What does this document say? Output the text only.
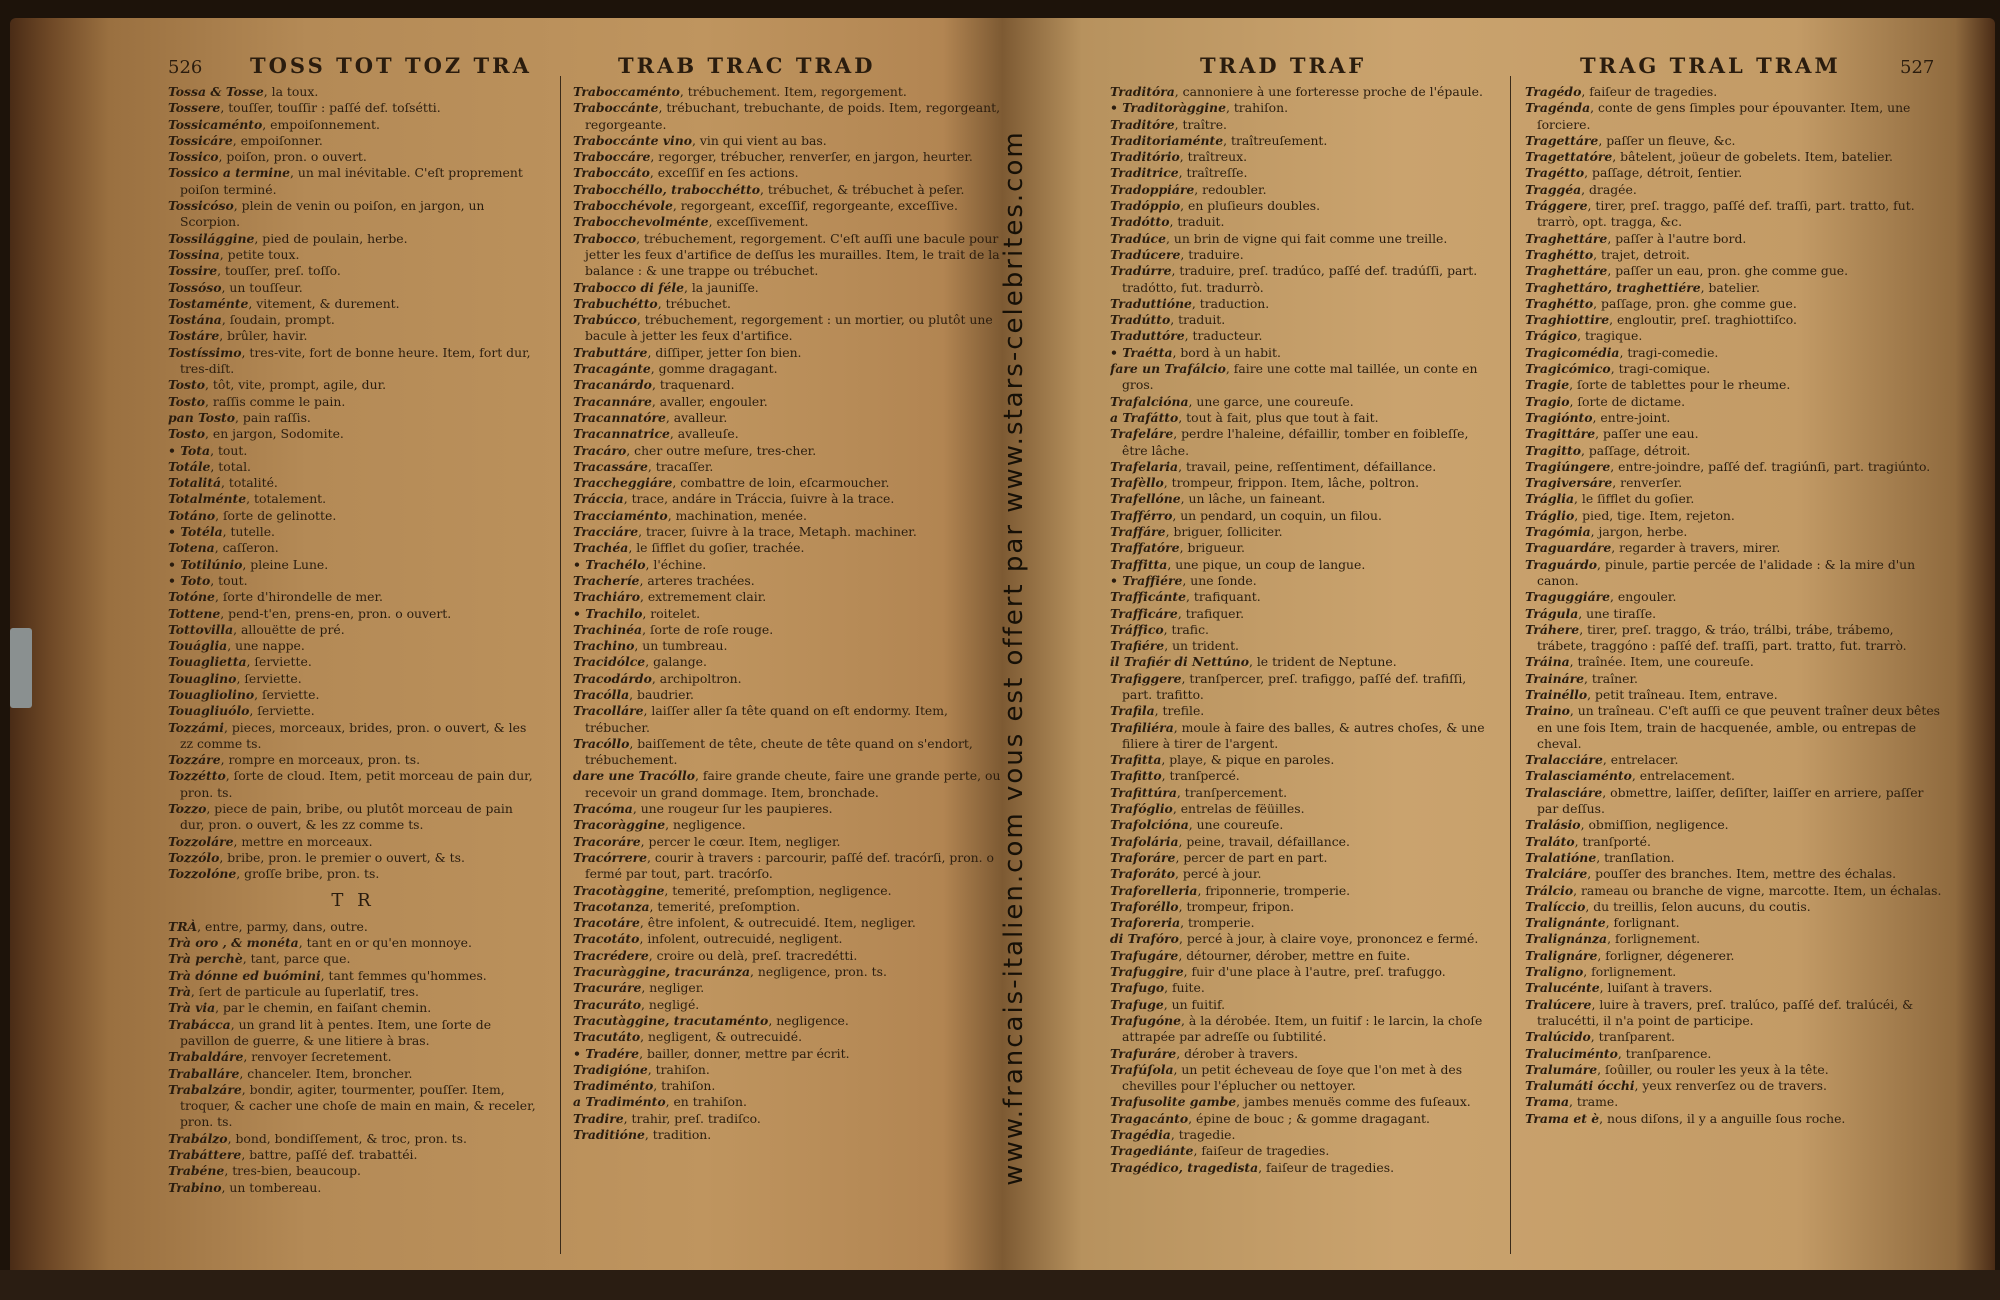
526 TOSS TOT TOZ TRA	TRAB TRAC TRAD

Tossa & Tosse, la toux.

Tossere, touſſer, touſſir : paſſé def. toſsétti.

Tossicaménto, empoiſonnement.

Tossicáre, empoiſonner.

Tossico, poiſon, pron. o ouvert.

Tossico a termine, un mal inévitable. C'eſt proprement poiſon terminé.

Tossicóso, plein de venin ou poiſon, en jargon, un Scorpion.

Tossilággine, pied de poulain, herbe.

Tossina, petite toux.

Tossire, touſſer, preſ. toſſo.

Tossóso, un touſſeur.

Tostaménte, vitement, & durement.

Tostána, ſoudain, prompt.

Tostáre, brûler, havir.

Tostíssimo, tres-vite, fort de bonne heure. Item, fort dur, tres-diſt.

Tosto, tôt, vite, prompt, agile, dur.

Tosto, raſſis comme le pain.

pan Tosto, pain raſſis.

Tosto, en jargon, Sodomite.

• Tota, tout.

Totále, total.

Totalitá, totalité.

Totalménte, totalement.

Totáno, ſorte de gelinotte.

• Totéla, tutelle.

Totena, caſſeron.

• Totilúnio, pleine Lune.

• Toto, tout.

Totóne, ſorte d'hirondelle de mer.

Tottene, pend-t'en, prens-en, pron. o ouvert.

Tottovilla, allouëtte de pré.

Touáglia, une nappe.

Touaglietta, ſerviette.

Touaglino, ſerviette.

Touagliolino, ſerviette.

Touagliuólo, ſerviette.

Tozzámi, pieces, morceaux, brides, pron. o ouvert, & les zz comme ts.

Tozzáre, rompre en morceaux, pron. ts.

Tozzétto, ſorte de cloud. Item, petit morceau de pain dur, pron. ts.

Tozzo, piece de pain, bribe, ou plutôt morceau de pain dur, pron. o ouvert, & les zz comme ts.

Tozzoláre, mettre en morceaux.

Tozzólo, bribe, pron. le premier o ouvert, & ts.

Tozzolóne, groſſe bribe, pron. ts.

T R

TRÀ, entre, parmy, dans, outre.

Trà oro , & monéta, tant en or qu'en monnoye.

Trà perchè, tant, parce que.

Trà dónne ed buómini, tant femmes qu'hommes.

Trà, ſert de particule au ſuperlatif, tres.

Trà via, par le chemin, en faiſant chemin.

Trabácca, un grand lit à pentes. Item, une ſorte de pavillon de guerre, & une litiere à bras.

Trabaldáre, renvoyer ſecretement.

Traballáre, chanceler. Item, broncher.

Trabalzáre, bondir, agiter, tourmenter, pouſſer. Item, troquer, & cacher une choſe de main en main, & receler, pron. ts.

Trabálzo, bond, bondiſſement, & troc, pron. ts.

Trabáttere, battre, paſſé def. trabattéi.

Trabéne, tres-bien, beaucoup.

Trabino, un tombereau.

Traboccaménto, trébuchement. Item, regorgement.

Traboccánte, trébuchant, trebuchante, de poids. Item, regorgeant, regorgeante.

Traboccánte vino, vin qui vient au bas.

Traboccáre, regorger, trébucher, renverſer, en jargon, heurter.

Traboccáto, exceſſif en ſes actions.

Trabocchéllo, trabocchétto, trébuchet, & trébuchet à peſer.

Trabocchévole, regorgeant, exceſſif, regorgeante, exceſſive.

Trabocchevolménte, exceſſivement.

Trabocco, trébuchement, regorgement. C'eſt auſſi une bacule pour jetter les feux d'artifice de deſſus les murailles. Item, le trait de la balance : & une trappe ou trébuchet.

Trabocco di féle, la jauniſſe.

Trabuchétto, trébuchet.

Trabúcco, trébuchement, regorgement : un mortier, ou plutôt une bacule à jetter les feux d'artifice.

Trabuttáre, diſſiper, jetter ſon bien.

Tracagánte, gomme dragagant.

Tracanárdo, traquenard.

Tracannáre, avaller, engouler.

Tracannatóre, avalleur.

Tracannatrice, avalleuſe.

Tracáro, cher outre meſure, tres-cher.

Tracassáre, tracaſſer.

Traccheggiáre, combattre de loin, eſcarmoucher.

Tráccia, trace, andáre in Tráccia, ſuivre à la trace.

Tracciaménto, machination, menée.

Tracciáre, tracer, ſuivre à la trace, Metaph. machiner.

Trachéa, le ſifflet du goſier, trachée.

• Trachélo, l'échine.

Tracheríe, arteres trachées.

Trachiáro, extremement clair.

• Trachilo, roitelet.

Trachinéa, ſorte de roſe rouge.

Trachino, un tumbreau.

Tracidólce, galange.

Tracodárdo, archipoltron.

Tracólla, baudrier.

Tracolláre, laiſſer aller ſa tête quand on eſt endormy. Item, trébucher.

Tracóllo, baiſſement de tête, cheute de tête quand on s'endort, trébuchement.

dare une Tracóllo, faire grande cheute, faire une grande perte, ou recevoir un grand dommage. Item, bronchade.

Tracóma, une rougeur ſur les paupieres.

Tracoràggine, negligence.

Tracoráre, percer le cœur. Item, negliger.

Tracórrere, courir à travers : parcourir, paſſé def. tracórſi, pron. o fermé par tout, part. tracórſo.

Tracotàggine, temerité, preſomption, negligence.

Tracotanza, temerité, preſomption.

Tracotáre, être infolent, & outrecuidé. Item, negliger.

Tracotáto, infolent, outrecuidé, negligent.

Tracrédere, croire ou delà, preſ. tracredétti.

Tracuràggine, tracuránza, negligence, pron. ts.

Tracuráre, negliger.

Tracuráto, negligé.

Tracutàggine, tracutaménto, negligence.

Tracutáto, negligent, & outrecuidé.

• Tradére, bailler, donner, mettre par écrit.

Tradigióne, trahiſon.

Tradiménto, trahiſon.

a Tradiménto, en trahiſon.

Tradire, trahir, preſ. tradiſco.

Traditióne, tradition.

TRAD TRAF	TRAG TRAL TRAM	527

Traditóra, cannoniere à une forteresse proche de l'épaule.

• Traditoràggine, trahiſon.

Traditóre, traître.

Traditoriaménte, traîtreuſement.

Traditório, traîtreux.

Traditrice, traîtreſſe.

Tradoppiáre, redoubler.

Tradóppio, en pluſieurs doubles.

Tradótto, traduit.

Tradúce, un brin de vigne qui fait comme une treille.

Tradúcere, traduire.

Tradúrre, traduire, preſ. tradúco, paſſé def. tradúſſi, part. tradótto, fut. tradurrò.

Traduttióne, traduction.

Tradútto, traduit.

Traduttóre, traducteur.

• Traétta, bord à un habit.

fare un Trafálcio, faire une cotte mal taillée, un conte en gros.

Trafalcióna, une garce, une coureuſe.

a Trafátto, tout à fait, plus que tout à fait.

Trafeláre, perdre l'haleine, défaillir, tomber en foibleſſe, être lâche.

Trafelaria, travail, peine, reſſentiment, défaillance.

Trafèllo, trompeur, frippon. Item, lâche, poltron.

Trafellóne, un lâche, un faineant.

Trafférro, un pendard, un coquin, un filou.

Traffáre, briguer, ſolliciter.

Traffatóre, brigueur.

Traffitta, une pique, un coup de langue.

• Traffiére, une ſonde.

Trafficánte, trafiquant.

Trafficáre, trafiquer.

Tráffico, trafic.

Trafiére, un trident.

il Trafiér di Nettúno, le trident de Neptune.

Trafiggere, tranſpercer, preſ. trafiggo, paſſé def. trafiſſi, part. trafitto.

Trafila, trefile.

Trafiliéra, moule à faire des balles, & autres choſes, & une filiere à tirer de l'argent.

Trafitta, playe, & pique en paroles.

Trafitto, tranſpercé.

Trafittúra, tranſpercement.

Trafóglio, entrelas de fëüilles.

Trafolcióna, une coureuſe.

Trafolária, peine, travail, défaillance.

Traforáre, percer de part en part.

Traforáto, percé à jour.

Traforelleria, friponnerie, tromperie.

Traforéllo, trompeur, fripon.

Traforeria, tromperie.

di Trafóro, percé à jour, à claire voye, prononcez e fermé.

Trafugáre, détourner, dérober, mettre en fuite.

Trafuggire, fuir d'une place à l'autre, preſ. trafuggo.

Trafugo, fuite.

Trafuge, un fuitif.

Trafugóne, à la dérobée. Item, un fuitif : le larcin, la choſe attrapée par adreſſe ou ſubtilité.

Trafuráre, dérober à travers.

Trafúſola, un petit écheveau de ſoye que l'on met à des chevilles pour l'éplucher ou nettoyer.

Trafusolite gambe, jambes menuës comme des fuſeaux.

Tragacánto, épine de bouc ; & gomme dragagant.

Tragédia, tragedie.

Tragediánte, faiſeur de tragedies.

Tragédico, tragedista, faiſeur de tragedies.

Tragédo, faiſeur de tragedies.

Tragénda, conte de gens ſimples pour épouvanter. Item, une ſorciere.

Tragettáre, paſſer un fleuve, &c.

Tragettatóre, bâtelent, joüeur de gobelets. Item, batelier.

Tragétto, paſſage, détroit, ſentier.

Traggéa, dragée.

Trággere, tirer, preſ. traggo, paſſé def. traſſi, part. tratto, fut. trarrò, opt. tragga, &c.

Traghettáre, paſſer à l'autre bord.

Traghétto, trajet, detroit.

Traghettáre, paſſer un eau, pron. ghe comme gue.

Traghettáro, traghettiére, batelier.

Traghétto, paſſage, pron. ghe comme gue.

Traghiottire, engloutir, preſ. traghiottiſco.

Trágico, tragique.

Tragicomédia, tragi-comedie.

Tragicómico, tragi-comique.

Tragie, ſorte de tablettes pour le rheume.

Tragio, ſorte de dictame.

Tragiónto, entre-joint.

Tragittáre, paſſer une eau.

Tragitto, paſſage, détroit.

Tragiúngere, entre-joindre, paſſé def. tragiúnſi, part. tragiúnto.

Tragiversáre, renverſer.

Tráglia, le ſifflet du goſier.

Tráglio, pied, tige. Item, rejeton.

Tragómia, jargon, herbe.

Traguardáre, regarder à travers, mirer.

Traguárdo, pinule, partie percée de l'alidade : & la mire d'un canon.

Traguggiáre, engouler.

Trágula, une tiraſſe.

Tráhere, tirer, preſ. traggo, & tráo, trálbi, trábe, trábemo, trábete, traggóno : paſſé def. traſſi, part. tratto, fut. trarrò.

Tráina, traînée. Item, une coureuſe.

Traináre, traîner.

Trainéllo, petit traîneau. Item, entrave.

Traino, un traîneau. C'eſt auſſi ce que peuvent traîner deux bêtes en une fois Item, train de hacquenée, amble, ou entrepas de cheval.

Tralacciáre, entrelacer.

Tralasciaménto, entrelacement.

Tralasciáre, obmettre, laiſſer, deſiſter, laiſſer en arriere, paſſer par deſſus.

Tralásio, obmiſſion, negligence.

Traláto, tranſporté.

Tralatióne, tranſlation.

Tralciáre, pouſſer des branches. Item, mettre des échalas.

Trálcio, rameau ou branche de vigne, marcotte. Item, un échalas.

Tralíccio, du treillis, ſelon aucuns, du coutis.

Tralignánte, forlignant.

Tralignánza, forlignement.

Tralignáre, forligner, dégenerer.

Traligno, forlignement.

Tralucénte, luiſant à travers.

Tralúcere, luire à travers, preſ. tralúco, paſſé def. tralúcéi, & tralucétti, il n'a point de participe.

Tralúcido, tranſparent.

Traluciménto, tranſparence.

Tralumáre, ſoûiller, ou rouler les yeux à la tête.

Tralumáti ócchi, yeux renverſez ou de travers.

Trama, trame.

Trama et è, nous diſons, il y a anguille ſous roche.

www.francais-italien.com vous est offert par www.stars-celebrites.com
